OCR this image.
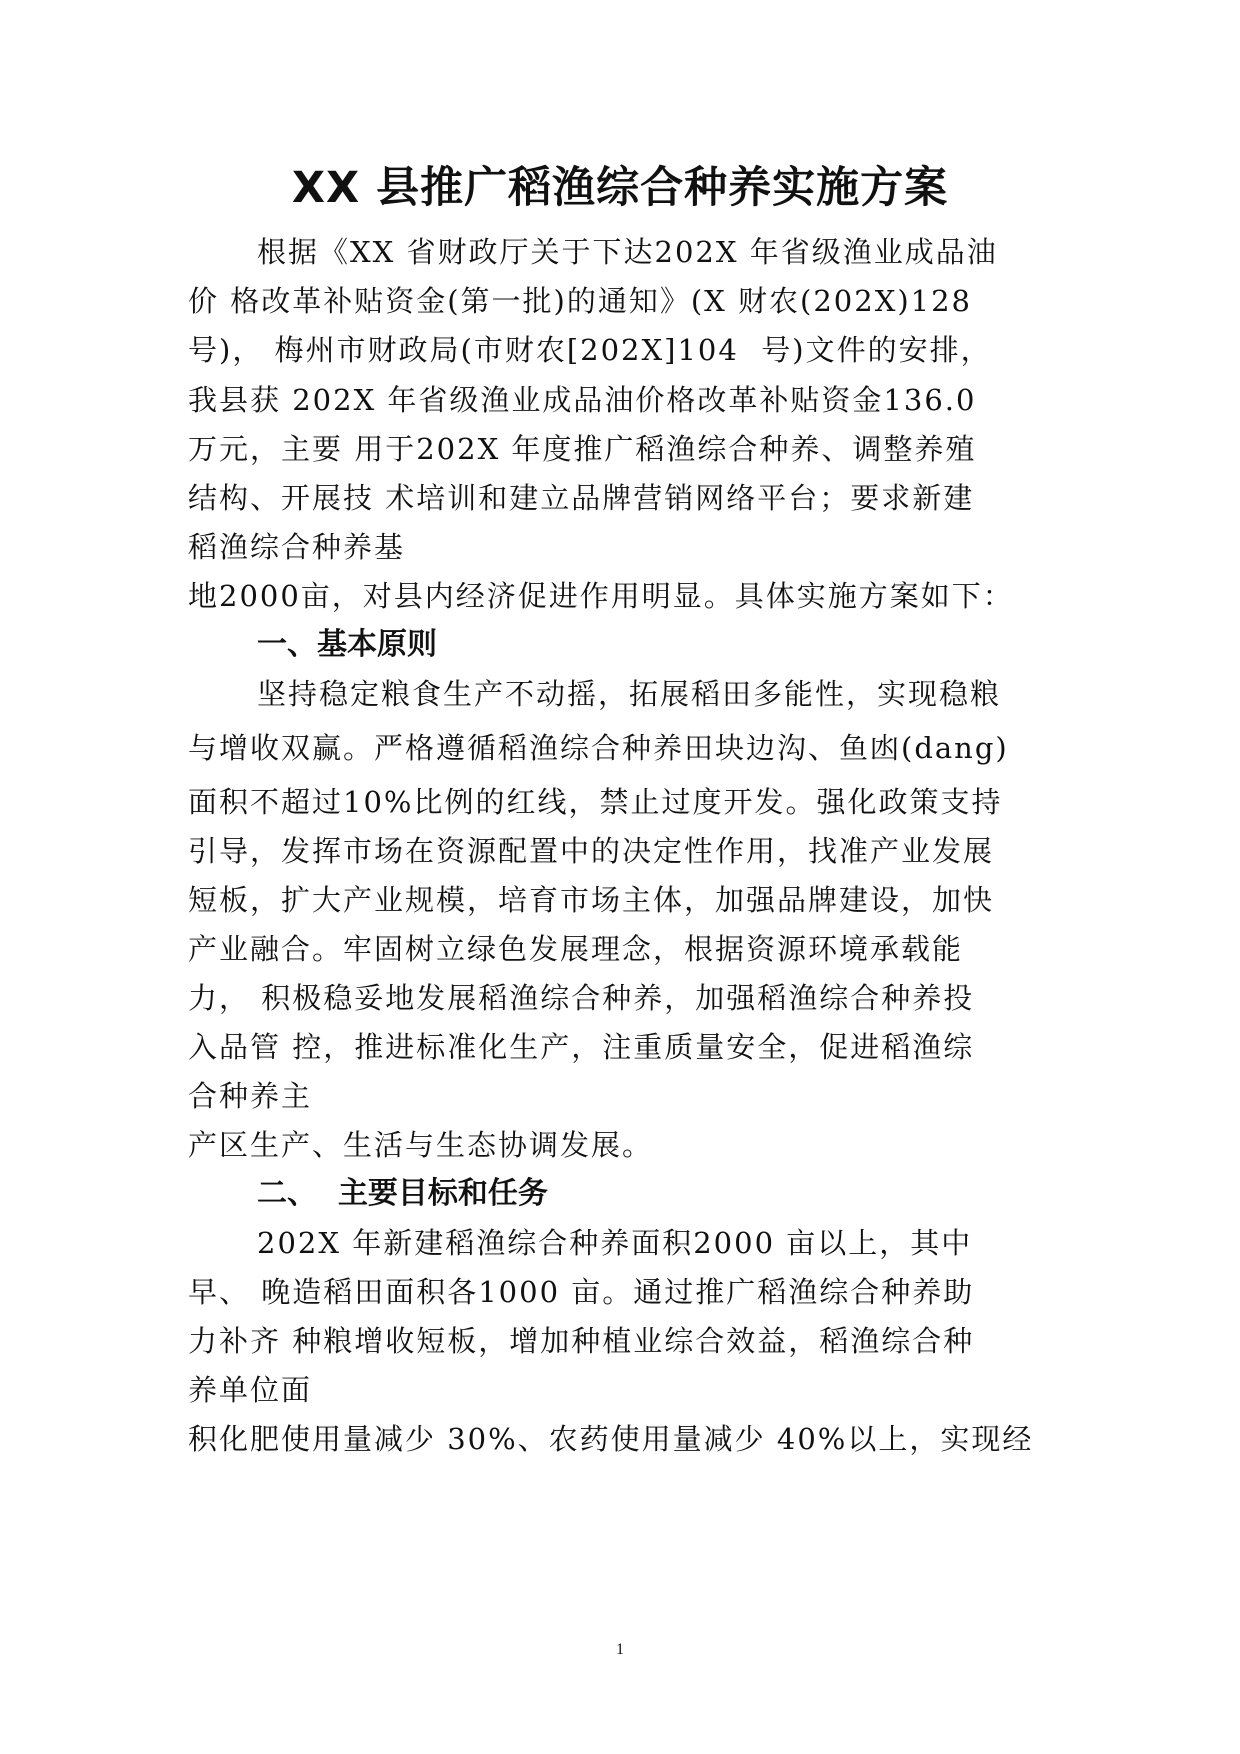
XX 县推广稻渔综合种养实施方案
根据《XX 省财政厅关于下达202X 年省级渔业成品油
价 格改革补贴资金(第一批)的通知》(X 财农(202X)128
号)， 梅州市财政局(市财农[202X]104  号)文件的安排，
我县获 202X 年省级渔业成品油价格改革补贴资金136.0
万元，主要 用于202X 年度推广稻渔综合种养、调整养殖
结构、开展技 术培训和建立品牌营销网络平台；要求新建
稻渔综合种养基
地2000亩，对县内经济促进作用明显。具体实施方案如下：
一、基本原则
坚持稳定粮食生产不动摇，拓展稻田多能性，实现稳粮
与增收双赢。严格遵循稻渔综合种养田块边沟、鱼凼(dang)
面积不超过10%比例的红线，禁止过度开发。强化政策支持
引导，发挥市场在资源配置中的决定性作用，找准产业发展
短板，扩大产业规模，培育市场主体，加强品牌建设，加快
产业融合。牢固树立绿色发展理念，根据资源环境承载能
力， 积极稳妥地发展稻渔综合种养，加强稻渔综合种养投
入品管 控，推进标准化生产，注重质量安全，促进稻渔综
合种养主
产区生产、生活与生态协调发展。
二、  主要目标和任务
202X 年新建稻渔综合种养面积2000 亩以上，其中
早、 晚造稻田面积各1000 亩。通过推广稻渔综合种养助
力补齐 种粮增收短板，增加种植业综合效益，稻渔综合种
养单位面
积化肥使用量减少 30%、农药使用量减少 40%以上，实现经
1
